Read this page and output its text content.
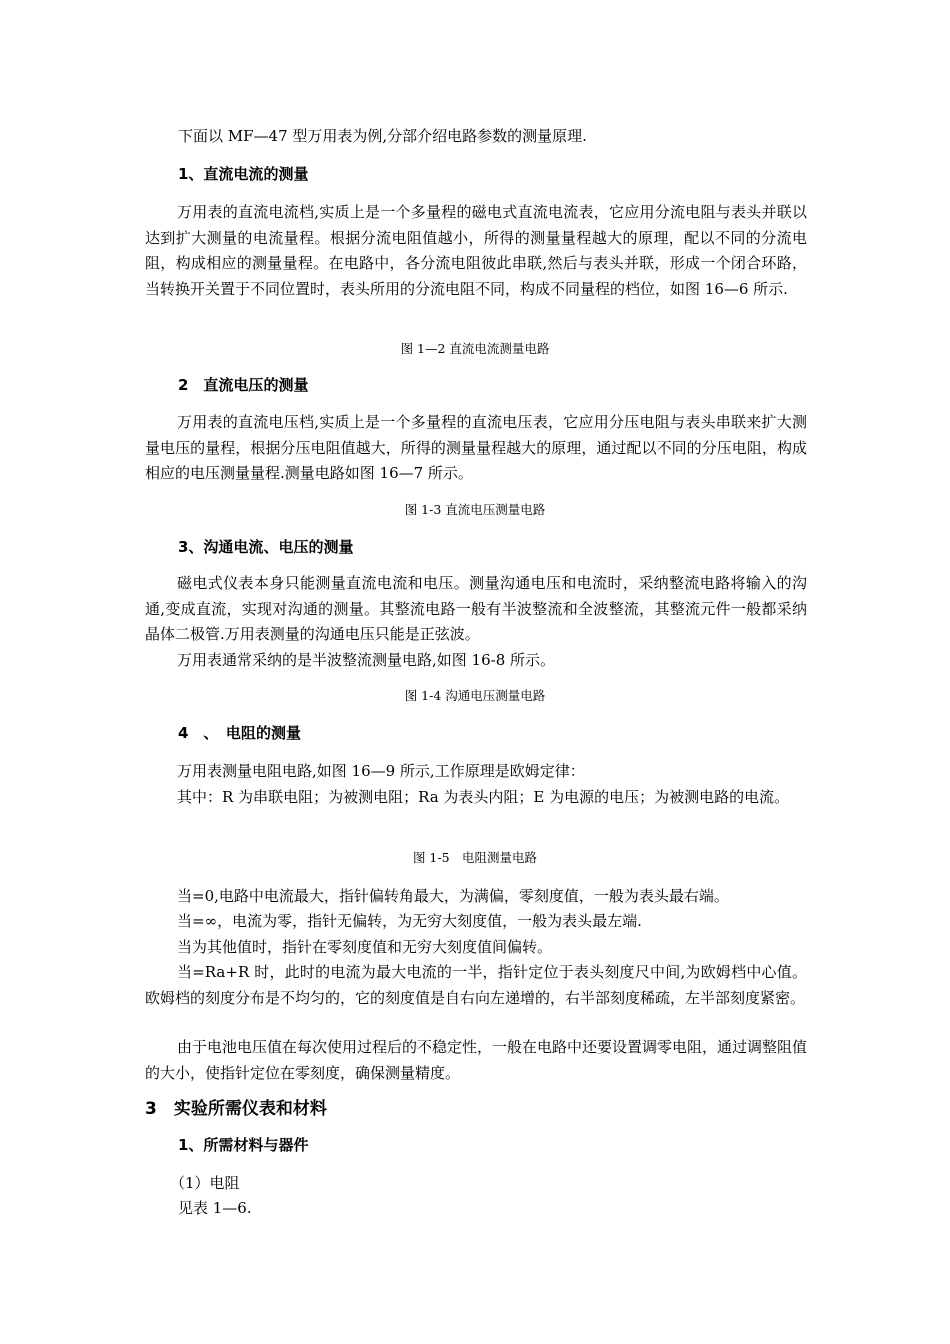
下面以 MF—47 型万用表为例,分部介绍电路参数的测量原理.
1、直流电流的测量

万用表的直流电流档,实质上是一个多量程的磁电式直流电流表，它应用分流电阻与表头并联以达到扩大测量的电流量程。根据分流电阻值越小，所得的测量量程越大的原理，配以不同的分流电阻，构成相应的测量量程。在电路中，各分流电阻彼此串联,然后与表头并联，形成一个闭合环路，当转换开关置于不同位置时，表头所用的分流电阻不同，构成不同量程的档位，如图 16—6 所示.

图 1—2 直流电流测量电路
2　直流电压的测量

万用表的直流电压档,实质上是一个多量程的直流电压表，它应用分压电阻与表头串联来扩大测量电压的量程，根据分压电阻值越大，所得的测量量程越大的原理，通过配以不同的分压电阻，构成相应的电压测量量程.测量电路如图 16—7 所示。

图 1-3 直流电压测量电路
3、沟通电流、电压的测量

磁电式仪表本身只能测量直流电流和电压。测量沟通电压和电流时，采纳整流电路将输入的沟通,变成直流，实现对沟通的测量。其整流电路一般有半波整流和全波整流，其整流元件一般都采纳晶体二极管.万用表测量的沟通电压只能是正弦波。

万用表通常采纳的是半波整流测量电路,如图 16-8 所示。

图 1-4 沟通电压测量电路
4　、　电阻的测量

万用表测量电阻电路,如图 16—9 所示,工作原理是欧姆定律：

其中：R 为串联电阻；为被测电阻；Ra 为表头内阻；E 为电源的电压；为被测电路的电流。

图 1-5　电阻测量电路

当=0,电路中电流最大，指针偏转角最大，为满偏，零刻度值，一般为表头最右端。

当=∞，电流为零，指针无偏转，为无穷大刻度值，一般为表头最左端.

当为其他值时，指针在零刻度值和无穷大刻度值间偏转。

当=Ra+R 时，此时的电流为最大电流的一半，指针定位于表头刻度尺中间,为欧姆档中心值。欧姆档的刻度分布是不均匀的，它的刻度值是自右向左递增的，右半部刻度稀疏，左半部刻度紧密。

由于电池电压值在每次使用过程后的不稳定性，一般在电路中还要设置调零电阻，通过调整阻值的大小，使指针定位在零刻度，确保测量精度。

3　实验所需仪表和材料
1、所需材料与器件
（1）电阻
见表 1—6.
